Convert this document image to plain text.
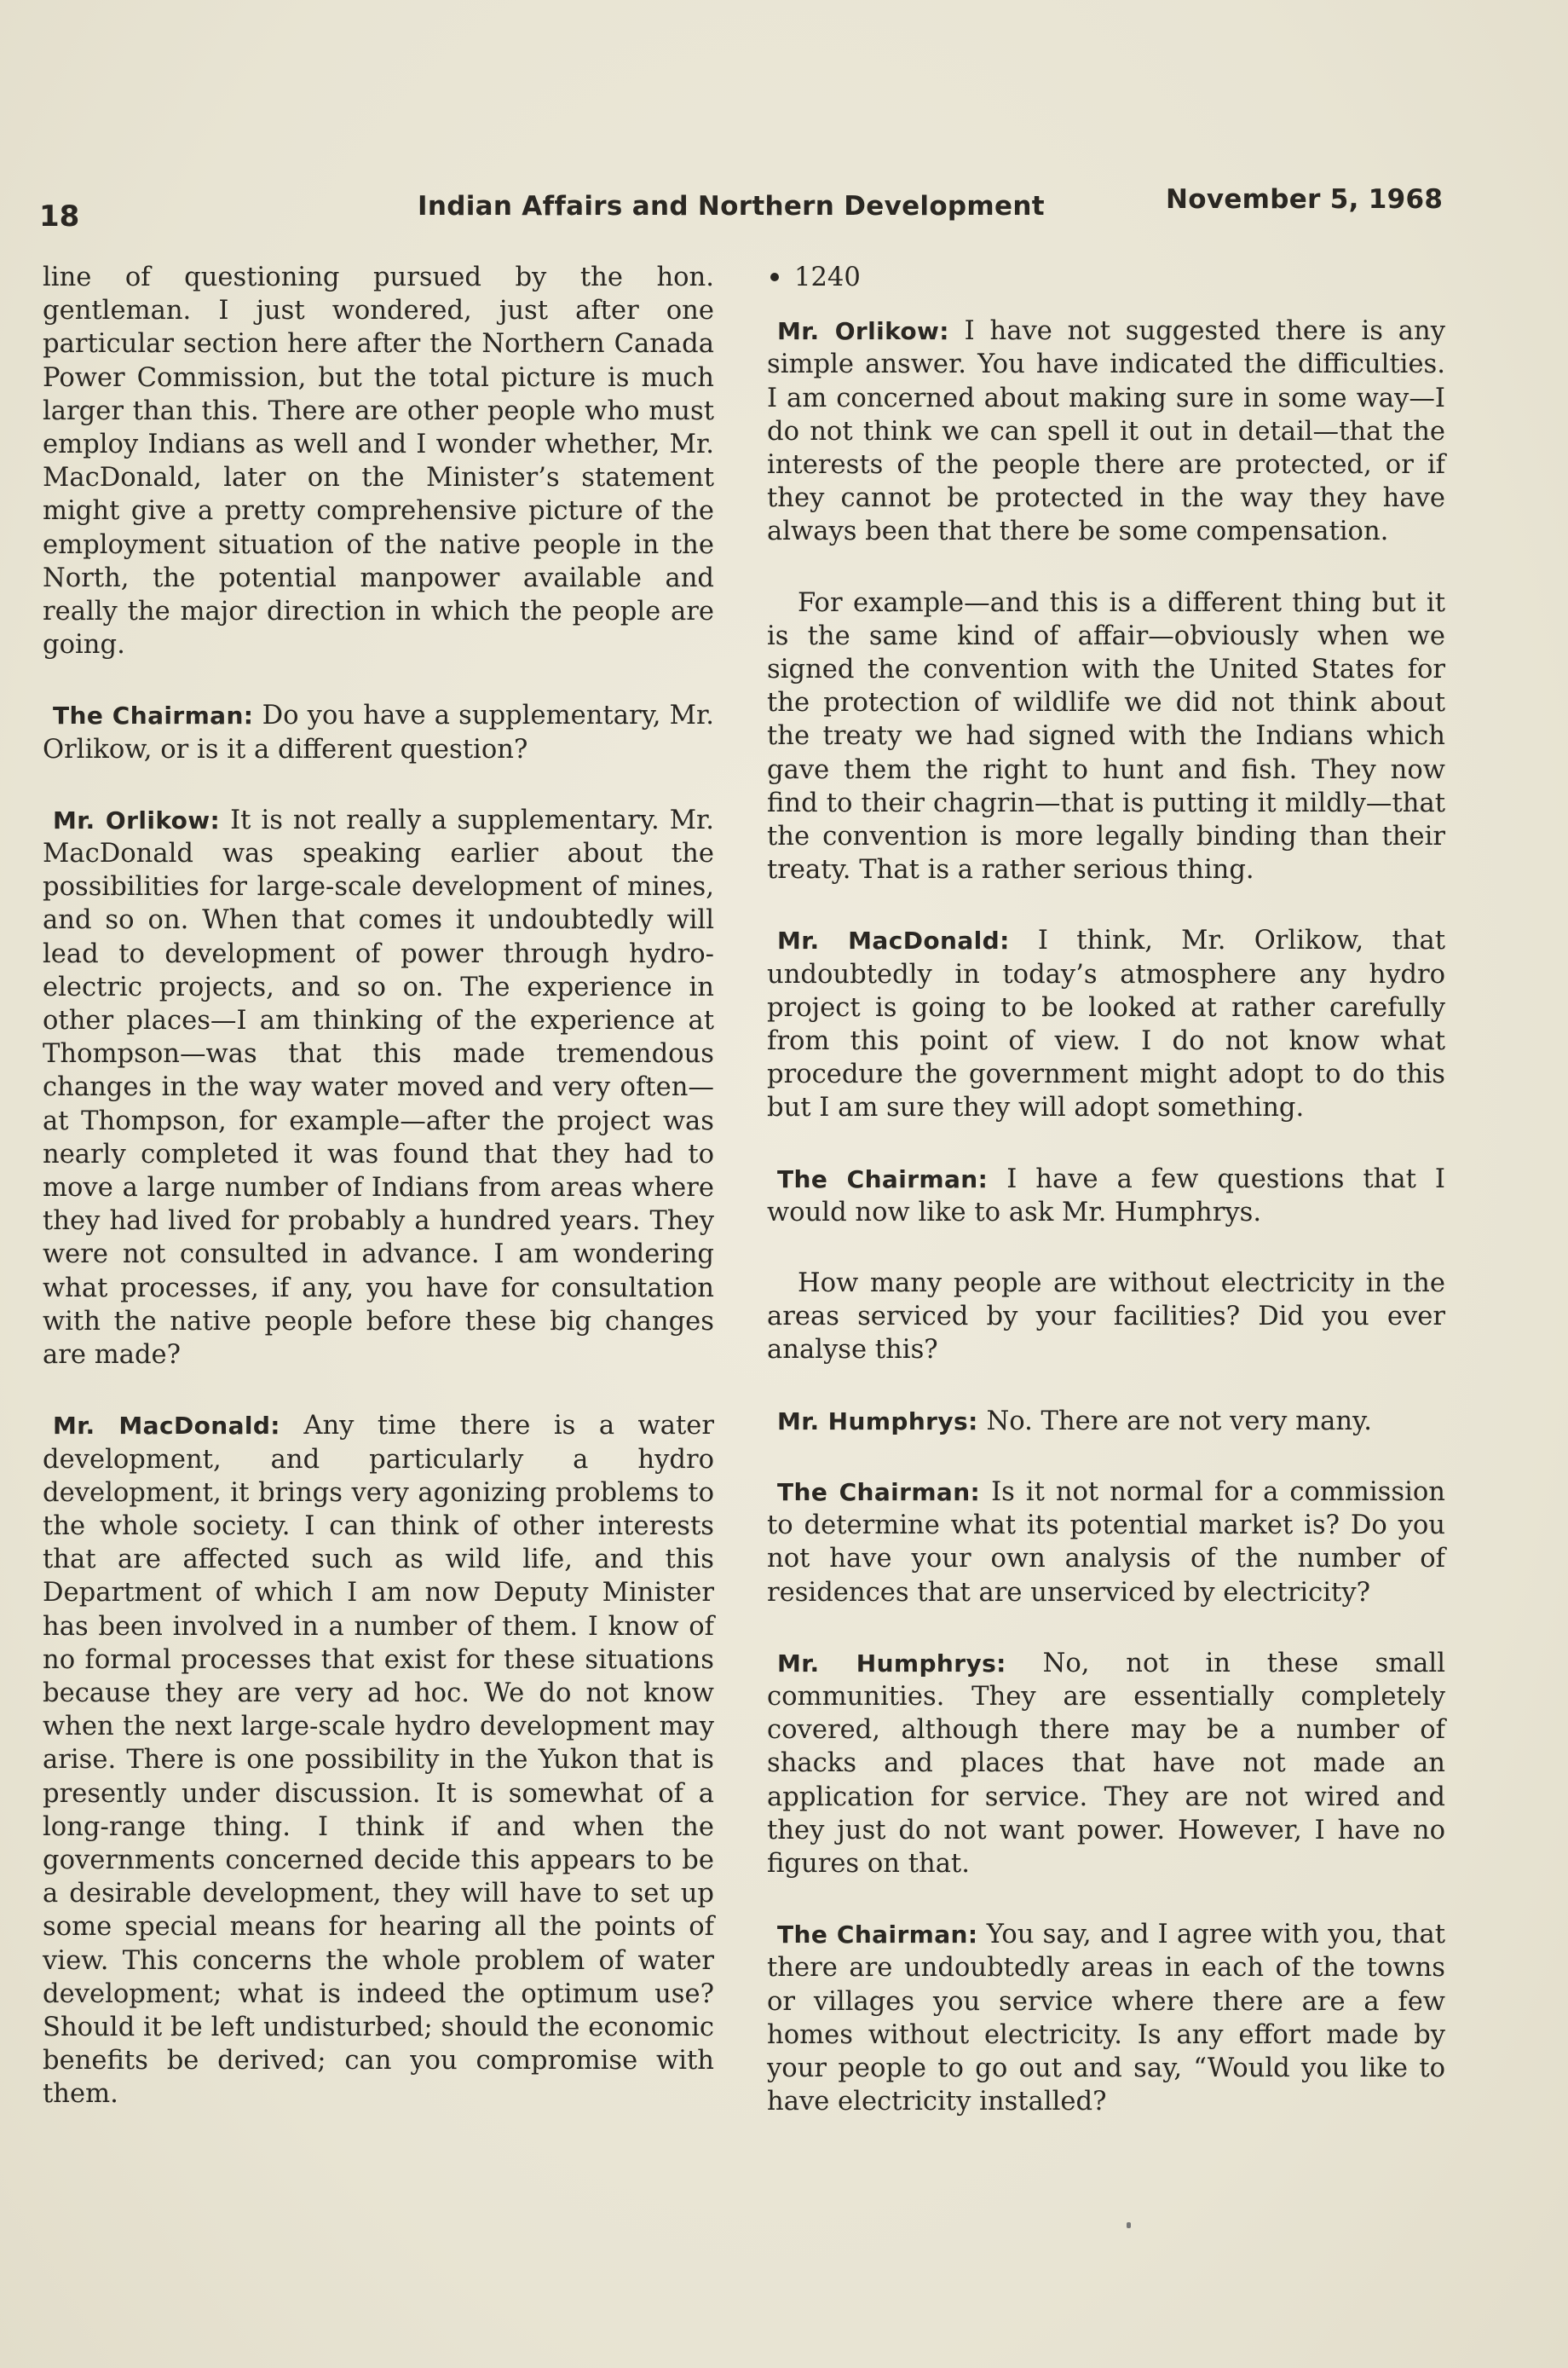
18	Indian Affairs and Northern Development	November 5, 1968

line of questioning pursued by the hon. gentleman. I just wondered, just after one particular section here after the Northern Canada Power Commission, but the total picture is much larger than this. There are other people who must employ Indians as well and I wonder whether, Mr. MacDonald, later on the Minister’s statement might give a pretty comprehensive picture of the employment situation of the native people in the North, the potential manpower available and really the major direction in which the people are going.

The Chairman: Do you have a supplementary, Mr. Orlikow, or is it a different question?

Mr. Orlikow: It is not really a supplementary. Mr. MacDonald was speaking earlier about the possibilities for large-scale development of mines, and so on. When that comes it undoubtedly will lead to development of power through hydro-electric projects, and so on. The experience in other places—I am thinking of the experience at Thompson—was that this made tremendous changes in the way water moved and very often—at Thompson, for example—after the project was nearly completed it was found that they had to move a large number of Indians from areas where they had lived for probably a hundred years. They were not consulted in advance. I am wondering what processes, if any, you have for consultation with the native people before these big changes are made?

Mr. MacDonald: Any time there is a water development, and particularly a hydro development, it brings very agonizing problems to the whole society. I can think of other interests that are affected such as wild life, and this Department of which I am now Deputy Minister has been involved in a number of them. I know of no formal processes that exist for these situations because they are very ad hoc. We do not know when the next large-scale hydro development may arise. There is one possibility in the Yukon that is presently under discussion. It is somewhat of a long-range thing. I think if and when the governments concerned decide this appears to be a desirable development, they will have to set up some special means for hearing all the points of view. This concerns the whole problem of water development; what is indeed the optimum use? Should it be left undisturbed; should the economic benefits be derived; can you compromise with them.

1240

Mr. Orlikow: I have not suggested there is any simple answer. You have indicated the difficulties. I am concerned about making sure in some way—I do not think we can spell it out in detail—that the interests of the people there are protected, or if they cannot be protected in the way they have always been that there be some compensation.

For example—and this is a different thing but it is the same kind of affair—obviously when we signed the convention with the United States for the protection of wildlife we did not think about the treaty we had signed with the Indians which gave them the right to hunt and fish. They now find to their chagrin—that is putting it mildly—that the convention is more legally binding than their treaty. That is a rather serious thing.

Mr. MacDonald: I think, Mr. Orlikow, that undoubtedly in today’s atmosphere any hydro project is going to be looked at rather carefully from this point of view. I do not know what procedure the government might adopt to do this but I am sure they will adopt something.

The Chairman: I have a few questions that I would now like to ask Mr. Humphrys.

How many people are without electricity in the areas serviced by your facilities? Did you ever analyse this?

Mr. Humphrys: No. There are not very many.

The Chairman: Is it not normal for a commission to determine what its potential market is? Do you not have your own analysis of the number of residences that are unserviced by electricity?

Mr. Humphrys: No, not in these small communities. They are essentially completely covered, although there may be a number of shacks and places that have not made an application for service. They are not wired and they just do not want power. However, I have no figures on that.

The Chairman: You say, and I agree with you, that there are undoubtedly areas in each of the towns or villages you service where there are a few homes without electricity. Is any effort made by your people to go out and say, “Would you like to have electricity installed?
